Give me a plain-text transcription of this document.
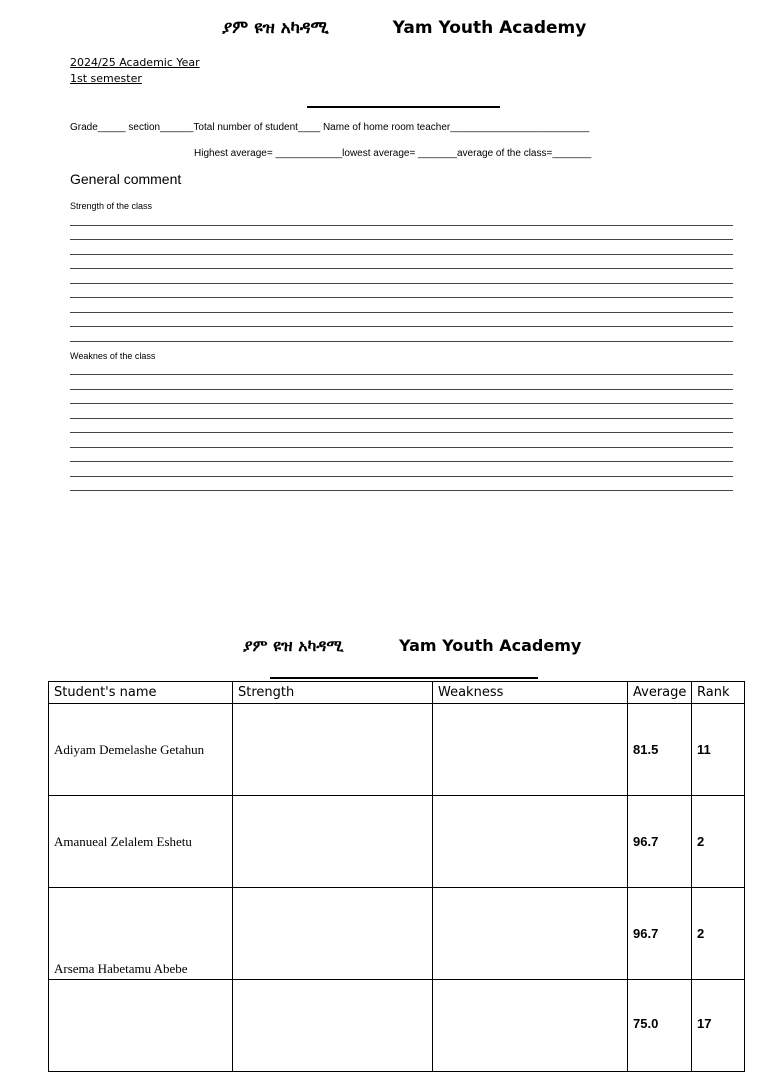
ያም ዩዝ አካዳሚ	Yam Youth Academy
2024/25 Academic Year
1st semester
Grade_____ section______Total number of student____ Name of home room teacher_________________________
Highest average= ____________lowest average= _______average of the class=_______
General comment
Strength of the class
Weaknes of the class
ያም ዩዝ አካዳሚ	Yam Youth Academy
Student's name	Strength	Weakness	Average	Rank
Adiyam Demelashe Getahun			81.5	11
Amanueal Zelalem Eshetu			96.7	2
Arsema Habetamu Abebe			96.7	2
			75.0	17
